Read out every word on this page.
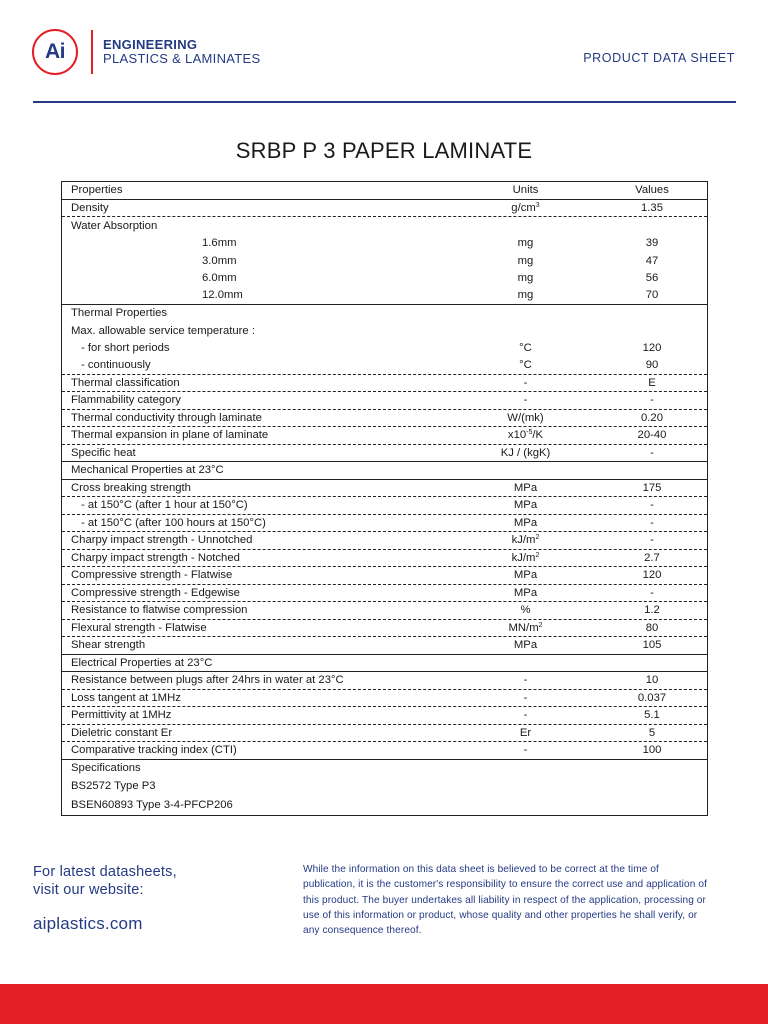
Ai	ENGINEERING
PLASTICS & LAMINATES	PRODUCT DATA SHEET
SRBP P 3 PAPER LAMINATE
Properties	Units	Values
Density	$g/cm^3$	1.35
Water Absorption
1.6mm	mg	39
3.0mm	mg	47
6.0mm	mg	56
12.0mm	mg	70
Thermal Properties
Max. allowable service temperature :
- for short periods	°C	120
- continuously	°C	90
Thermal classification	-	E
Flammability category	-	-
Thermal conductivity through laminate	W/(mk)	0.20
Thermal expansion in plane of laminate	$x10^{-5}/K$	20-40
Specific heat	KJ / (kgK)	-
Mechanical Properties at 23°C
Cross breaking strength	MPa	175
- at 150°C (after 1 hour at 150°C)	MPa	-
- at 150°C (after 100 hours at 150°C)	MPa	-
Charpy impact strength - Unnotched	$kJ/m^2$	-
Charpy impact strength - Notched	$kJ/m^2$	2.7
Compressive strength - Flatwise	MPa	120
Compressive strength - Edgewise	MPa	-
Resistance to flatwise compression	%	1.2
Flexural strength - Flatwise	$MN/m^2$	80
Shear strength	MPa	105
Electrical Properties at 23°C
Resistance between plugs after 24hrs in water at 23°C	-	10
Loss tangent at 1MHz	-	0.037
Permittivity at 1MHz	-	5.1
Dieletric constant Er	Er	5
Comparative tracking index (CTI)	-	100
Specifications
BS2572 Type P3
BSEN60893 Type 3-4-PFCP206
For latest datasheets,
visit our website:
aiplastics.com
While the information on this data sheet is believed to be correct at the time of publication, it is the customer's responsibility to ensure the correct use and application of this product. The buyer undertakes all liability in respect of the application, processing or use of this information or product, whose quality and other properties he shall verify, or any consequence thereof.
